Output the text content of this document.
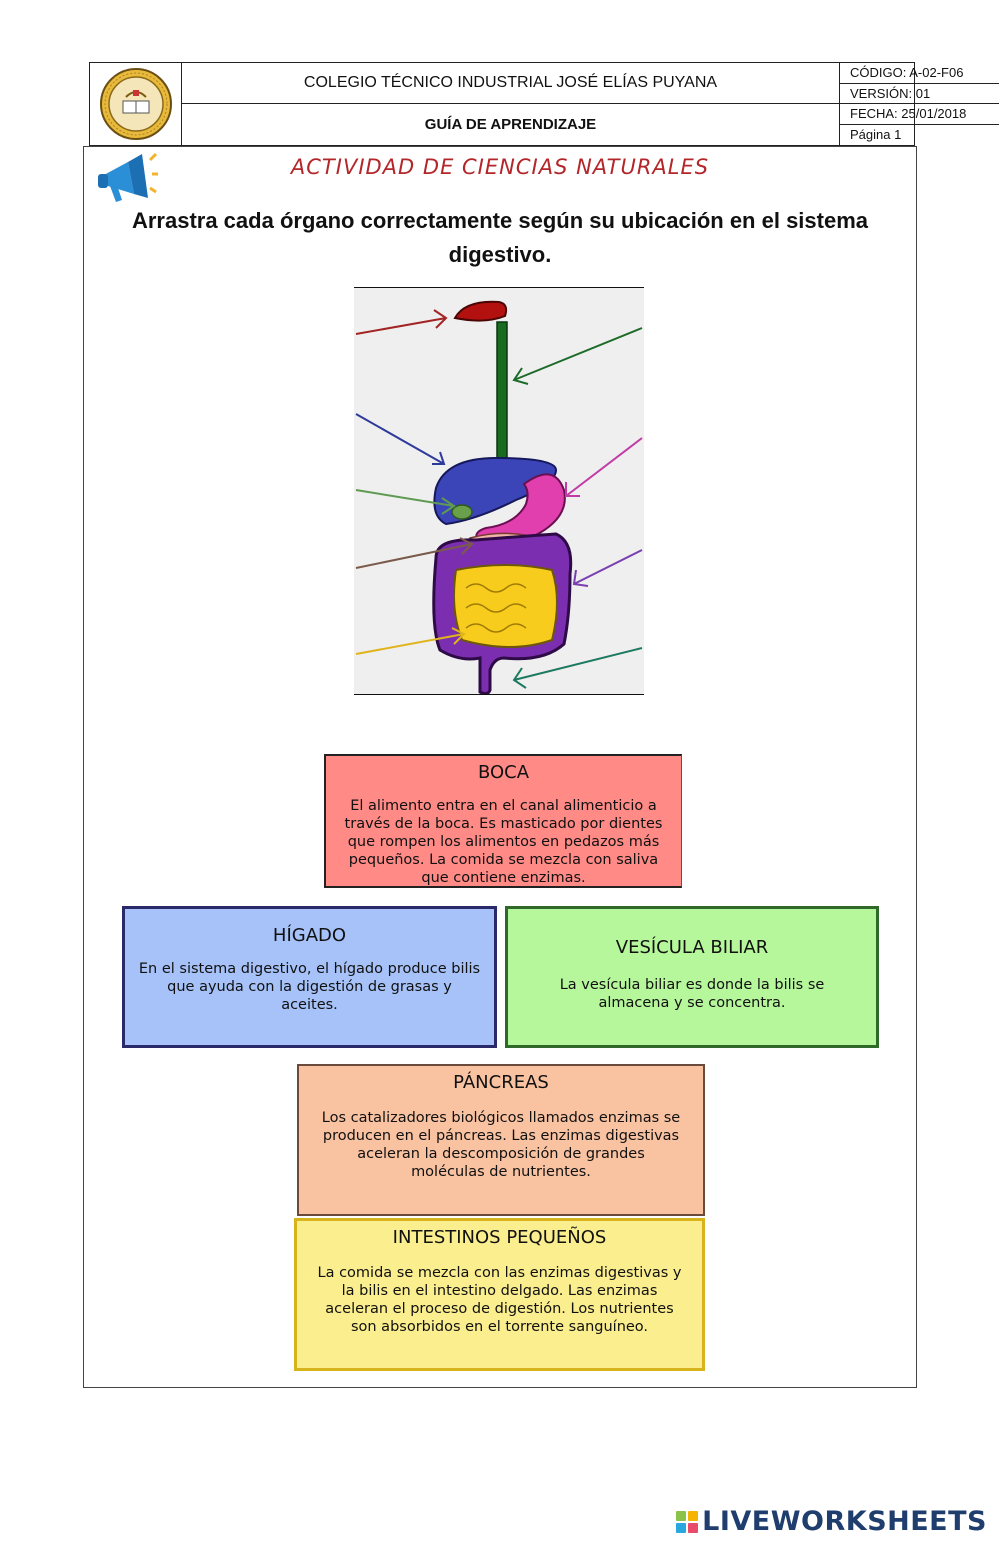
COLEGIO TÉCNICO INDUSTRIAL JOSÉ ELÍAS PUYANA
GUÍA DE APRENDIZAJE
CÓDIGO: A-02-F06
VERSIÓN: 01
FECHA: 25/01/2018
Página 1
ACTIVIDAD DE CIENCIAS NATURALES
Arrastra cada órgano correctamente según su ubicación en el sistema digestivo.
BOCA
El alimento entra en el canal alimenticio a través de la boca. Es masticado por dientes que rompen los alimentos en pedazos más pequeños. La comida se mezcla con saliva que contiene enzimas.
HÍGADO
En el sistema digestivo, el hígado produce bilis que ayuda con la digestión de grasas y aceites.
VESÍCULA BILIAR
La vesícula biliar es donde la bilis se almacena y se concentra.
PÁNCREAS
Los catalizadores biológicos llamados enzimas se producen en el páncreas. Las enzimas digestivas aceleran la descomposición de grandes moléculas de nutrientes.
INTESTINOS PEQUEÑOS
La comida se mezcla con las enzimas digestivas y la bilis en el intestino delgado. Las enzimas aceleran el proceso de digestión. Los nutrientes son absorbidos en el torrente sanguíneo.
LIVEWORKSHEETS
